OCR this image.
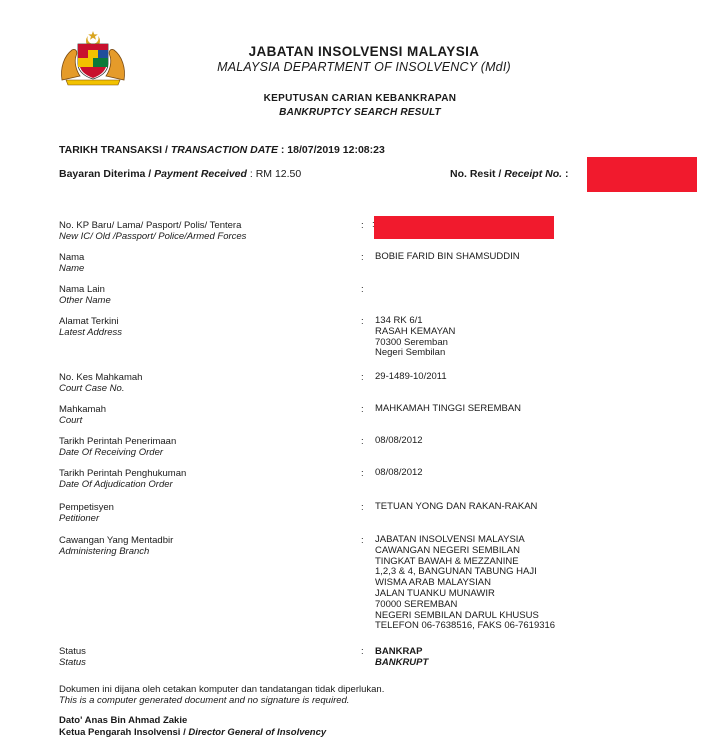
JABATAN INSOLVENSI MALAYSIA
MALAYSIA DEPARTMENT OF INSOLVENCY (MdI)
KEPUTUSAN CARIAN KEBANKRAPAN
BANKRUPTCY SEARCH RESULT
TARIKH TRANSAKSI / TRANSACTION DATE : 18/07/2019 12:08:23
Bayaran Diterima / Payment Received : RM 12.50	No. Resit / Receipt No. :
No. KP Baru/ Lama/ Pasport/ Polis/ Tentera
New IC/ Old /Passport/ Police/Armed Forces
: :
Nama
Name
: BOBIE FARID BIN SHAMSUDDIN
Nama Lain
Other Name
:
Alamat Terkini
Latest Address
: 134 RK 6/1
RASAH KEMAYAN
70300 Seremban
Negeri Sembilan
No. Kes Mahkamah
Court Case No.
: 29-1489-10/2011
Mahkamah
Court
: MAHKAMAH TINGGI SEREMBAN
Tarikh Perintah Penerimaan
Date Of Receiving Order
: 08/08/2012
Tarikh Perintah Penghukuman
Date Of Adjudication Order
: 08/08/2012
Pempetisyen
Petitioner
: TETUAN YONG DAN RAKAN-RAKAN
Cawangan Yang Mentadbir
Administering Branch
: JABATAN INSOLVENSI MALAYSIA
CAWANGAN NEGERI SEMBILAN
TINGKAT BAWAH & MEZZANINE
1,2,3 & 4, BANGUNAN TABUNG HAJI
WISMA ARAB MALAYSIAN
JALAN TUANKU MUNAWIR
70000 SEREMBAN
NEGERI SEMBILAN DARUL KHUSUS
TELEFON 06-7638516, FAKS 06-7619316
Status
Status
: BANKRAP
BANKRUPT
Dokumen ini dijana oleh cetakan komputer dan tandatangan tidak diperlukan.
This is a computer generated document and no signature is required.
Dato' Anas Bin Ahmad Zakie
Ketua Pengarah Insolvensi / Director General of Insolvency
